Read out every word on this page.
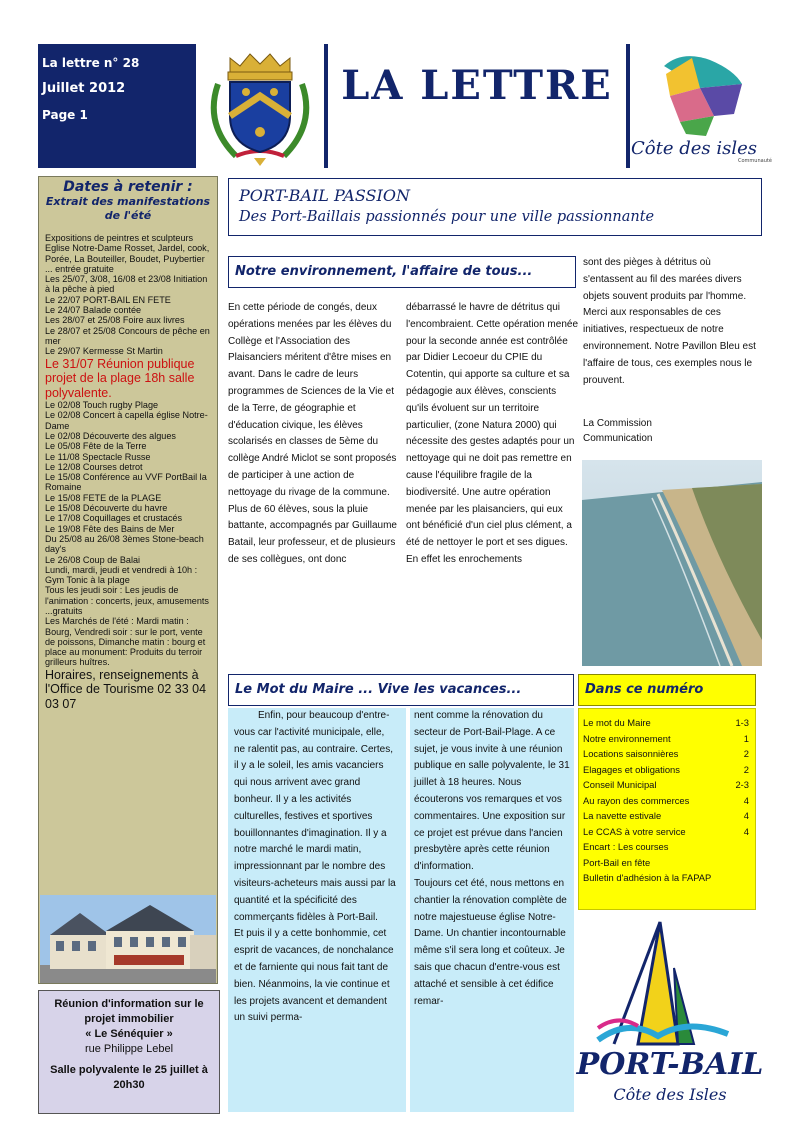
La lettre n° 28
Juillet 2012
Page 1
LA LETTRE
Côte des isles
Communauté
Dates à retenir :
Extrait des manifestations de l'été
Expositions de peintres et sculpteurs Eglise Notre-Dame Rosset, Jardel, cook, Porée, La Bouteiller, Boudet, Puybertier ... entrée gratuite
Les 25/07, 3/08, 16/08 et 23/08 Initiation à la pêche à pied
Le 22/07 PORT-BAIL EN FETE
Le 24/07 Balade contée
Les 28/07 et 25/08 Foire aux livres
Le 28/07 et 25/08 Concours de pêche en mer
Le 29/07 Kermesse St Martin
Le 31/07 Réunion publique projet de la plage 18h salle polyvalente.
Le 02/08 Touch rugby Plage
Le 02/08 Concert à capella église Notre-Dame
Le 02/08 Découverte des algues
Le 05/08 Fête de la Terre
Le 11/08 Spectacle Russe
Le 12/08 Courses detrot
Le 15/08 Conférence au VVF PortBail la Romaine
Le 15/08 FETE de la PLAGE
Le 15/08 Découverte du havre
Le 17/08 Coquillages et crustacés
Le 19/08 Fête des Bains de Mer
Du 25/08 au 26/08 3èmes Stone-beach day's
Le 26/08 Coup de Balai
Lundi, mardi, jeudi et vendredi à 10h : Gym Tonic à la plage
Tous les jeudi soir : Les jeudis de l'animation : concerts, jeux, amusements ...gratuits
Les Marchés de l'été : Mardi matin : Bourg, Vendredi soir : sur le port, vente de poissons, Dimanche matin : bourg et place au monument: Produits du terroir grilleurs huîtres.
Horaires, renseignements à l'Office de Tourisme 02 33 04 03 07
Réunion d'information sur le projet immobilier
« Le Sénéquier »
rue Philippe Lebel
Salle polyvalente le 25 juillet à 20h30
PORT-BAIL PASSION
Des Port-Baillais passionnés pour une ville passionnante
Notre environnement, l'affaire de tous...
En cette période de congés, deux opérations menées par les élèves du Collège et l'Association des Plaisanciers méritent d'être mises en avant. Dans le cadre de leurs programmes de Sciences de la Vie et de la Terre, de géographie et d'éducation civique, les élèves scolarisés en classes de 5ème du collège André Miclot se sont proposés de participer à une action de nettoyage du rivage de la commune. Plus de 60 élèves, sous la pluie battante, accompagnés par Guillaume Batail, leur professeur, et de plusieurs de ses collègues, ont donc
débarrassé le havre de détritus qui l'encombraient. Cette opération menée pour la seconde année est contrôlée par Didier Lecoeur du CPIE du Cotentin, qui apporte sa culture et sa pédagogie aux élèves, conscients qu'ils évoluent sur un territoire particulier, (zone Natura 2000) qui nécessite des gestes adaptés pour un nettoyage qui ne doit pas remettre en cause l'équilibre fragile de la biodiversité. Une autre opération menée par les plaisanciers, qui eux ont bénéficié d'un ciel plus clément, a été de nettoyer le port et ses digues. En effet les enrochements
sont des pièges à détritus où s'entassent au fil des marées divers objets souvent produits par l'homme. Merci aux responsables de ces initiatives, respectueux de notre environnement. Notre Pavillon Bleu est l'affaire de tous, ces exemples nous le prouvent.
La Commission
Communication
Le Mot du Maire ... Vive les vacances...

Enfin, pour beaucoup d'entre-vous car l'activité municipale, elle, ne ralentit pas, au contraire. Certes, il y a le soleil, les amis vacanciers qui nous arrivent avec grand bonheur. Il y a les activités culturelles, festives et sportives bouillonnantes d'imagination. Il y a notre marché le mardi matin, impressionnant par le nombre des visiteurs-acheteurs mais aussi par la quantité et la spécificité des commerçants fidèles à Port-Bail.

Et puis il y a cette bonhommie, cet esprit de vacances, de nonchalance et de farniente qui nous fait tant de bien. Néanmoins, la vie continue et les projets avancent et demandent un suivi perma-

nent comme la rénovation du secteur de Port-Bail-Plage. A ce sujet, je vous invite à une réunion publique en salle polyvalente, le 31 juillet à 18 heures. Nous écouterons vos remarques et vos commentaires. Une exposition sur ce projet est prévue dans l'ancien presbytère après cette réunion d'information.

Toujours cet été, nous mettons en chantier la rénovation complète de notre majestueuse église Notre-Dame. Un chantier incontournable même s'il sera long et coûteux. Je sais que chacun d'entre-vous est attaché et sensible à cet édifice remar-

Dans ce numéro
Le mot du Maire	1-3
Notre environnement	1
Locations saisonnières	2
Elagages et obligations	2
Conseil Municipal	2-3
Au rayon des commerces	4
La navette estivale	4
Le CCAS à votre service	4
Encart : Les courses
Port-Bail en fête
Bulletin d'adhésion à la FAPAP
PORT-BAIL
Côte des Isles
